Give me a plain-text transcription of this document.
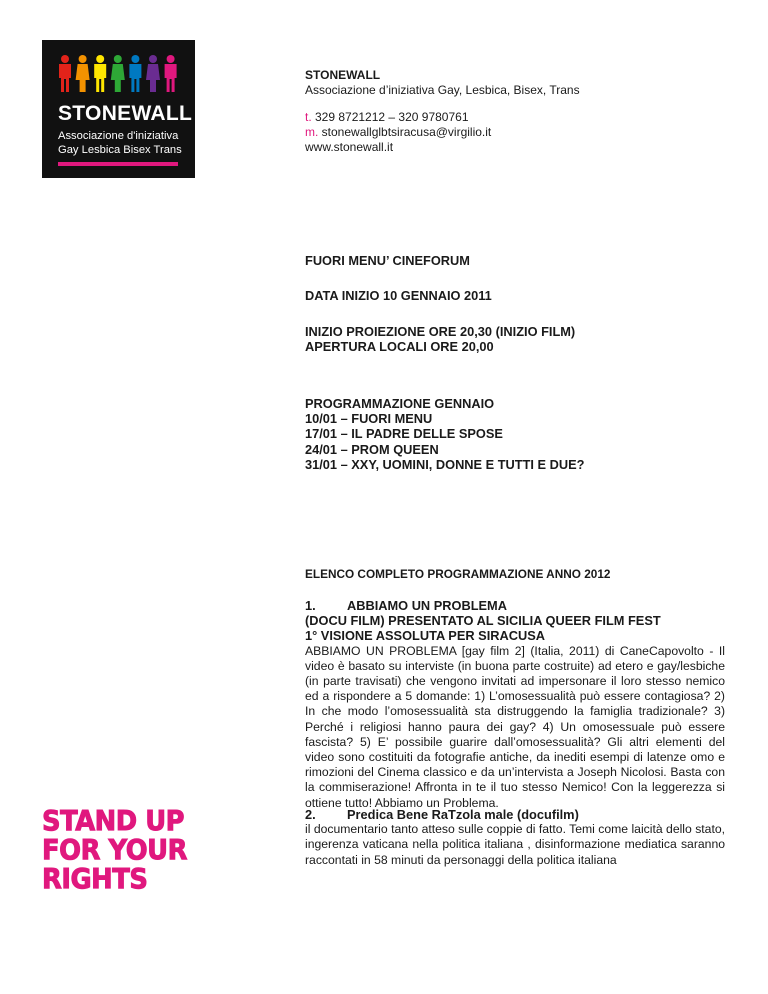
STONEWALL

Associazione d'iniziativa
Gay Lesbica Bisex Trans
STONEWALL
Associazione d’iniziativa Gay, Lesbica, Bisex, Trans
t. 329 8721212 – 320 9780761
m. stonewallglbtsiracusa@virgilio.it
www.stonewall.it

FUORI MENU’ CINEFORUM

DATA INIZIO 10 GENNAIO 2011

INIZIO PROIEZIONE ORE 20,30 (INIZIO FILM)

APERTURA LOCALI ORE 20,00

PROGRAMMAZIONE GENNAIO

10/01 – FUORI MENU

17/01 – IL PADRE DELLE SPOSE

24/01 – PROM QUEEN

31/01 – XXY, UOMINI, DONNE E TUTTI E DUE?

ELENCO COMPLETO PROGRAMMAZIONE ANNO 2012

1. ABBIAMO UN PROBLEMA

(DOCU FILM) PRESENTATO AL SICILIA QUEER FILM FEST

1° VISIONE ASSOLUTA PER SIRACUSA

ABBIAMO UN PROBLEMA [gay film 2] (Italia, 2011) di CaneCapovolto - Il video è basato su interviste (in buona parte costruite) ad etero e gay/lesbiche (in parte travisati) che vengono invitati ad impersonare il loro stesso nemico ed a rispondere a 5 domande: 1) L’omosessualità può essere contagiosa? 2) In che modo l’omosessualità sta distruggendo la famiglia tradizionale? 3) Perché i religiosi hanno paura dei gay? 4) Un omosessuale può essere fascista? 5) E’ possibile guarire dall’omosessualità? Gli altri elementi del video sono costituiti da fotografie antiche, da inediti esempi di latenze omo e rimozioni del Cinema classico e da un’intervista a Joseph Nicolosi. Basta con la commiserazione! Affronta in te il tuo stesso Nemico! Con la leggerezza si ottiene tutto! Abbiamo un Problema.

2. Predica Bene RaTzola male (docufilm)

il documentario tanto atteso sulle coppie di fatto. Temi come laicità dello stato, ingerenza vaticana nella politica italiana , disinformazione mediatica saranno raccontati in 58 minuti da personaggi della politica italiana

STAND UP
FOR YOUR
RIGHTS
